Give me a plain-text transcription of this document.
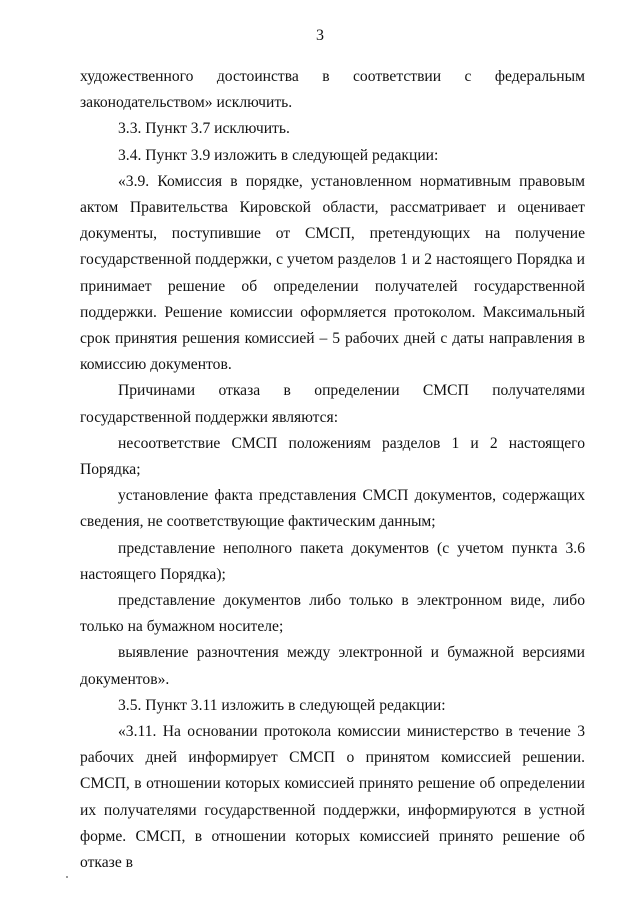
3

художественного достоинства в соответствии с федеральным законодательством» исключить.

3.3. Пункт 3.7 исключить.

3.4. Пункт 3.9 изложить в следующей редакции:

«3.9. Комиссия в порядке, установленном нормативным правовым актом Правительства Кировской области, рассматривает и оценивает документы, поступившие от СМСП, претендующих на получение государственной поддержки, с учетом разделов 1 и 2 настоящего Порядка и принимает решение об определении получателей государственной поддержки. Решение комиссии оформляется протоколом. Максимальный срок принятия решения комиссией – 5 рабочих дней с даты направления в комиссию документов.

Причинами отказа в определении СМСП получателями государственной поддержки являются:

несоответствие СМСП положениям разделов 1 и 2 настоящего Порядка;

установление факта представления СМСП документов, содержащих сведения, не соответствующие фактическим данным;

представление неполного пакета документов (с учетом пункта 3.6 настоящего Порядка);

представление документов либо только в электронном виде, либо только на бумажном носителе;

выявление разночтения между электронной и бумажной версиями документов».

3.5. Пункт 3.11 изложить в следующей редакции:

«3.11. На основании протокола комиссии министерство в течение 3 рабочих дней информирует СМСП о принятом комиссией решении. СМСП, в отношении которых комиссией принято решение об определении их получателями государственной поддержки, информируются в устной форме. СМСП, в отношении которых комиссией принято решение об отказе в
